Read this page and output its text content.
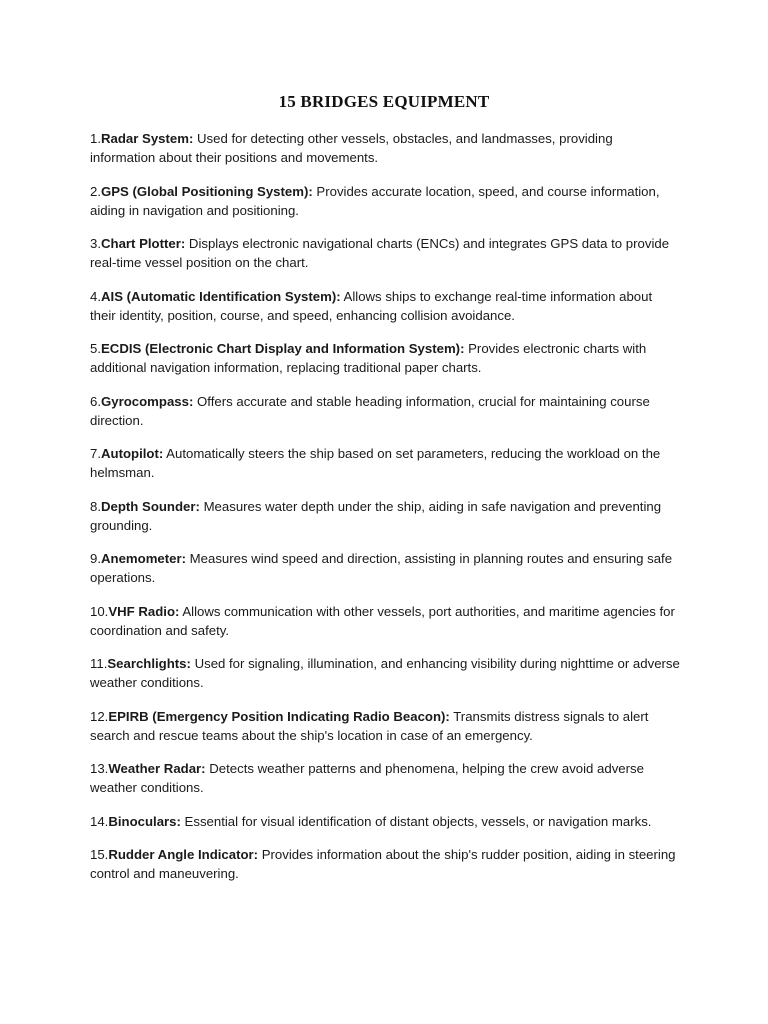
15 BRIDGES EQUIPMENT

1.Radar System: Used for detecting other vessels, obstacles, and landmasses, providing information about their positions and movements.

2.GPS (Global Positioning System): Provides accurate location, speed, and course information, aiding in navigation and positioning.

3.Chart Plotter: Displays electronic navigational charts (ENCs) and integrates GPS data to provide real-time vessel position on the chart.

4.AIS (Automatic Identification System): Allows ships to exchange real-time information about their identity, position, course, and speed, enhancing collision avoidance.

5.ECDIS (Electronic Chart Display and Information System): Provides electronic charts with additional navigation information, replacing traditional paper charts.

6.Gyrocompass: Offers accurate and stable heading information, crucial for maintaining course direction.

7.Autopilot: Automatically steers the ship based on set parameters, reducing the workload on the helmsman.

8.Depth Sounder: Measures water depth under the ship, aiding in safe navigation and preventing grounding.

9.Anemometer: Measures wind speed and direction, assisting in planning routes and ensuring safe operations.

10.VHF Radio: Allows communication with other vessels, port authorities, and maritime agencies for coordination and safety.

11.Searchlights: Used for signaling, illumination, and enhancing visibility during nighttime or adverse weather conditions.

12.EPIRB (Emergency Position Indicating Radio Beacon): Transmits distress signals to alert search and rescue teams about the ship's location in case of an emergency.

13.Weather Radar: Detects weather patterns and phenomena, helping the crew avoid adverse weather conditions.

14.Binoculars: Essential for visual identification of distant objects, vessels, or navigation marks.

15.Rudder Angle Indicator: Provides information about the ship's rudder position, aiding in steering control and maneuvering.
